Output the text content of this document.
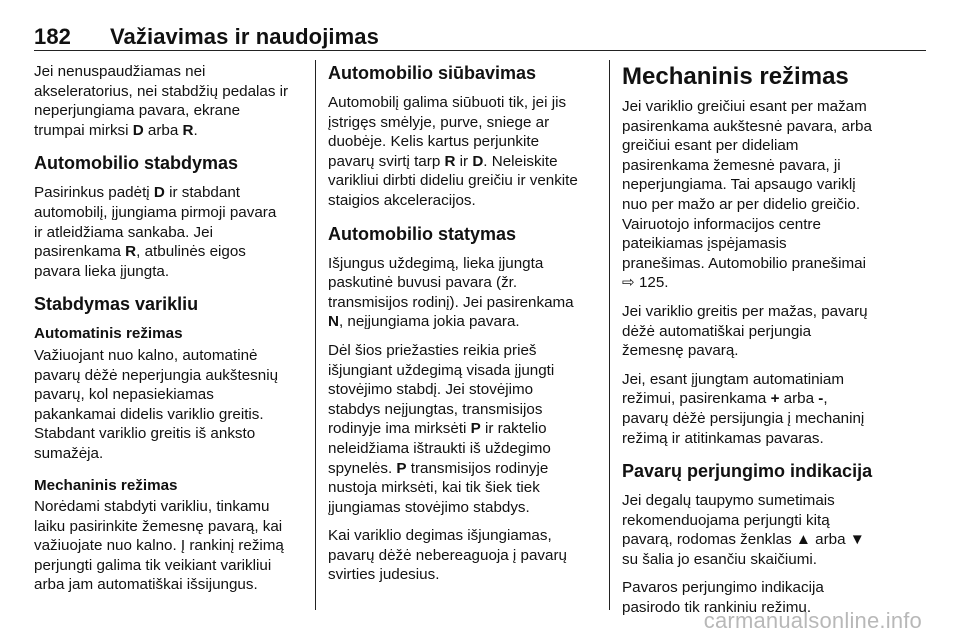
182 Važiavimas ir naudojimas

Jei nenuspaudžiamas nei
akseleratorius, nei stabdžių pedalas ir
neperjungiama pavara, ekrane
trumpai mirksi D arba R.

Automobilio stabdymas

Pasirinkus padėtį D ir stabdant
automobilį, įjungiama pirmoji pavara
ir atleidžiama sankaba. Jei
pasirenkama R, atbulinės eigos
pavara lieka įjungta.

Stabdymas varikliu
Automatinis režimas

Važiuojant nuo kalno, automatinė
pavarų dėžė neperjungia aukštesnių
pavarų, kol nepasiekiamas
pakankamai didelis variklio greitis.
Stabdant variklio greitis iš anksto
sumažėja.

Mechaninis režimas

Norėdami stabdyti varikliu, tinkamu
laiku pasirinkite žemesnę pavarą, kai
važiuojate nuo kalno. Į rankinį režimą
perjungti galima tik veikiant varikliui
arba jam automatiškai išsijungus.

Automobilio siūbavimas

Automobilį galima siūbuoti tik, jei jis
įstrigęs smėlyje, purve, sniege ar
duobėje. Kelis kartus perjunkite
pavarų svirtį tarp R ir D. Neleiskite
varikliui dirbti dideliu greičiu ir venkite
staigios akceleracijos.

Automobilio statymas

Išjungus uždegimą, lieka įjungta
paskutinė buvusi pavara (žr.
transmisijos rodinį). Jei pasirenkama
N, neįjungiama jokia pavara.

Dėl šios priežasties reikia prieš
išjungiant uždegimą visada įjungti
stovėjimo stabdį. Jei stovėjimo
stabdys neįjungtas, transmisijos
rodinyje ima mirksėti P ir raktelio
neleidžiama ištraukti iš uždegimo
spynelės. P transmisijos rodinyje
nustoja mirksėti, kai tik šiek tiek
įjungiamas stovėjimo stabdys.

Kai variklio degimas išjungiamas,
pavarų dėžė nebereaguoja į pavarų
svirties judesius.

Mechaninis režimas

Jei variklio greičiui esant per mažam
pasirenkama aukštesnė pavara, arba
greičiui esant per dideliam
pasirenkama žemesnė pavara, ji
neperjungiama. Tai apsaugo variklį
nuo per mažo ar per didelio greičio.
Vairuotojo informacijos centre
pateikiamas įspėjamasis
pranešimas. Automobilio pranešimai
⇨ 125.

Jei variklio greitis per mažas, pavarų
dėžė automatiškai perjungia
žemesnę pavarą.

Jei, esant įjungtam automatiniam
režimui, pasirenkama + arba -,
pavarų dėžė persijungia į mechaninį
režimą ir atitinkamas pavaras.

Pavarų perjungimo indikacija

Jei degalų taupymo sumetimais
rekomenduojama perjungti kitą
pavarą, rodomas ženklas ▲ arba ▼
su šalia jo esančiu skaičiumi.

Pavaros perjungimo indikacija
pasirodo tik rankiniu režimu.

carmanualsonline.info
